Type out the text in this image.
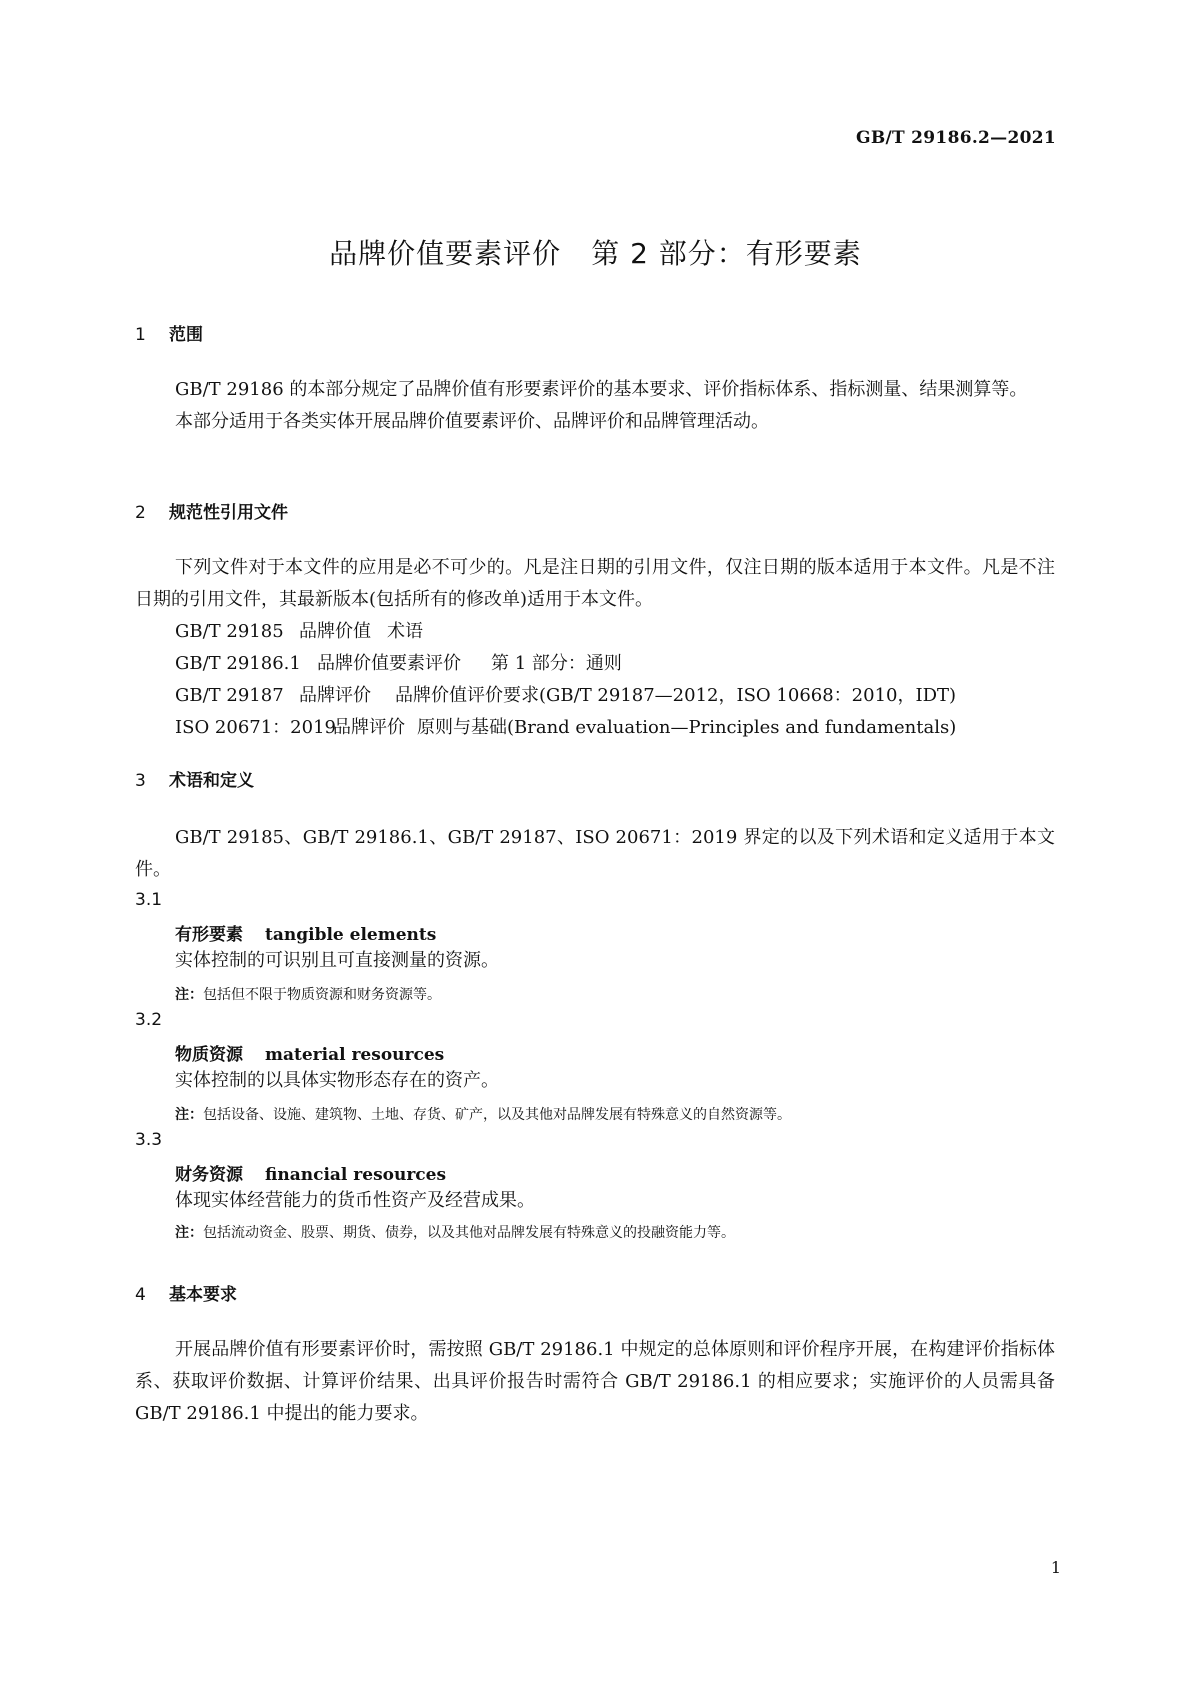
GB/T 29186.2—2021
品牌价值要素评价 第 2 部分：有形要素
1 范围

GB/T 29186 的本部分规定了品牌价值有形要素评价的基本要求、评价指标体系、指标测量、结果测算等。

本部分适用于各类实体开展品牌价值要素评价、品牌评价和品牌管理活动。

2 规范性引用文件

下列文件对于本文件的应用是必不可少的。凡是注日期的引用文件，仅注日期的版本适用于本文件。凡是不注日期的引用文件，其最新版本(包括所有的修改单)适用于本文件。

GB/T 29185 品牌价值 术语

GB/T 29186.1 品牌价值要素评价 第 1 部分：通则

GB/T 29187 品牌评价 品牌价值评价要求(GB/T 29187—2012，ISO 10668：2010，IDT)

ISO 20671：2019品牌评价 原则与基础(Brand evaluation—Principles and fundamentals)

3 术语和定义

GB/T 29185、GB/T 29186.1、GB/T 29187、ISO 20671：2019 界定的以及下列术语和定义适用于本文件。

3.1
有形要素 tangible elements
实体控制的可识别且可直接测量的资源。
注：包括但不限于物质资源和财务资源等。
3.2
物质资源 material resources
实体控制的以具体实物形态存在的资产。
注：包括设备、设施、建筑物、土地、存货、矿产，以及其他对品牌发展有特殊意义的自然资源等。
3.3
财务资源 financial resources
体现实体经营能力的货币性资产及经营成果。
注：包括流动资金、股票、期货、债券，以及其他对品牌发展有特殊意义的投融资能力等。
4 基本要求

开展品牌价值有形要素评价时，需按照 GB/T 29186.1 中规定的总体原则和评价程序开展，在构建评价指标体系、获取评价数据、计算评价结果、出具评价报告时需符合 GB/T 29186.1 的相应要求；实施评价的人员需具备 GB/T 29186.1 中提出的能力要求。

1
